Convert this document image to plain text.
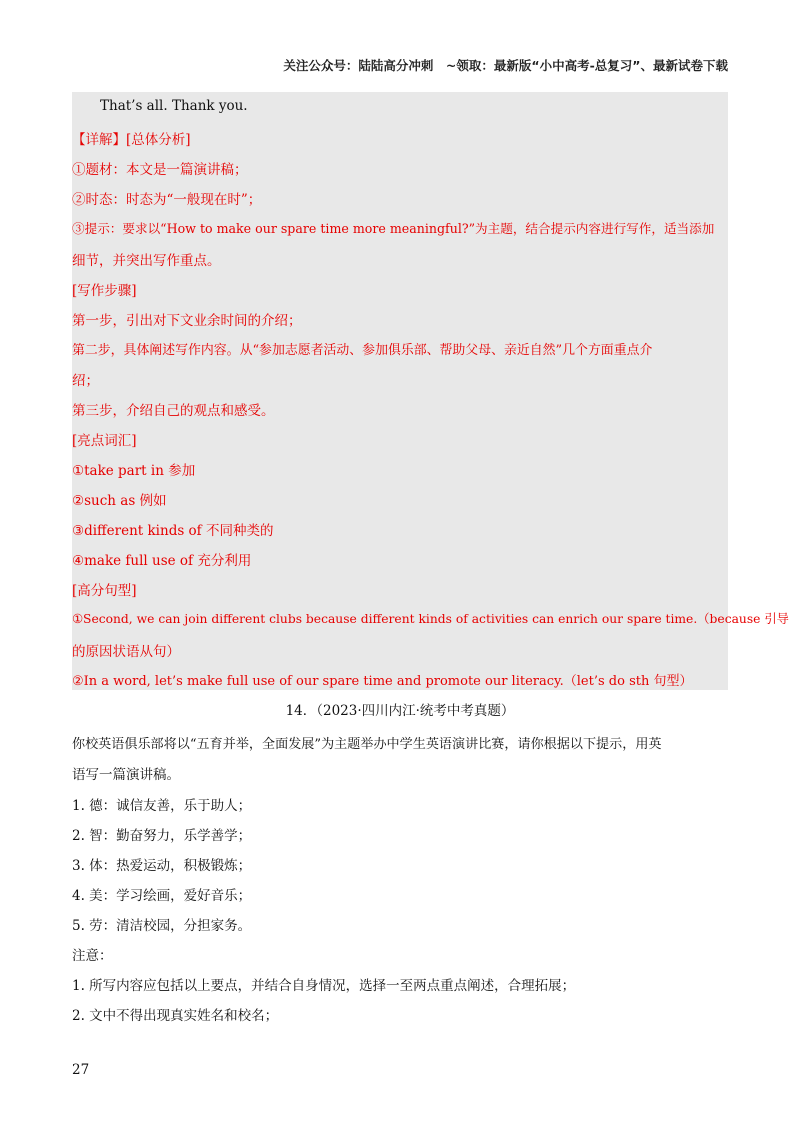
关注公众号：陆陆高分冲刺　~领取：最新版“小中高考-总复习”、最新试卷下载
That’s all. Thank you.
【详解】[总体分析]
①题材：本文是一篇演讲稿；
②时态：时态为“一般现在时”；
③提示：要求以“How to make our spare time more meaningful?”为主题，结合提示内容进行写作，适当添加
细节，并突出写作重点。
[写作步骤]
第一步，引出对下文业余时间的介绍；
第二步，具体阐述写作内容。从“参加志愿者活动、参加俱乐部、帮助父母、亲近自然”几个方面重点介
绍；
第三步，介绍自己的观点和感受。
[亮点词汇]
①take part in 参加
②such as 例如
③different kinds of 不同种类的
④make full use of 充分利用
[高分句型]
①Second, we can join different clubs because different kinds of activities can enrich our spare time.（because 引导
的原因状语从句）
②In a word, let’s make full use of our spare time and promote our literacy.（let’s do sth 句型）
14．（2023·四川内江·统考中考真题）
你校英语俱乐部将以“五育并举，全面发展”为主题举办中学生英语演讲比赛，请你根据以下提示，用英
语写一篇演讲稿。
1. 德：诚信友善，乐于助人；
2. 智：勤奋努力，乐学善学；
3. 体：热爱运动，积极锻炼；
4. 美：学习绘画，爱好音乐；
5. 劳：清洁校园，分担家务。
注意：
1. 所写内容应包括以上要点，并结合自身情况，选择一至两点重点阐述，合理拓展；
2. 文中不得出现真实姓名和校名；
27
